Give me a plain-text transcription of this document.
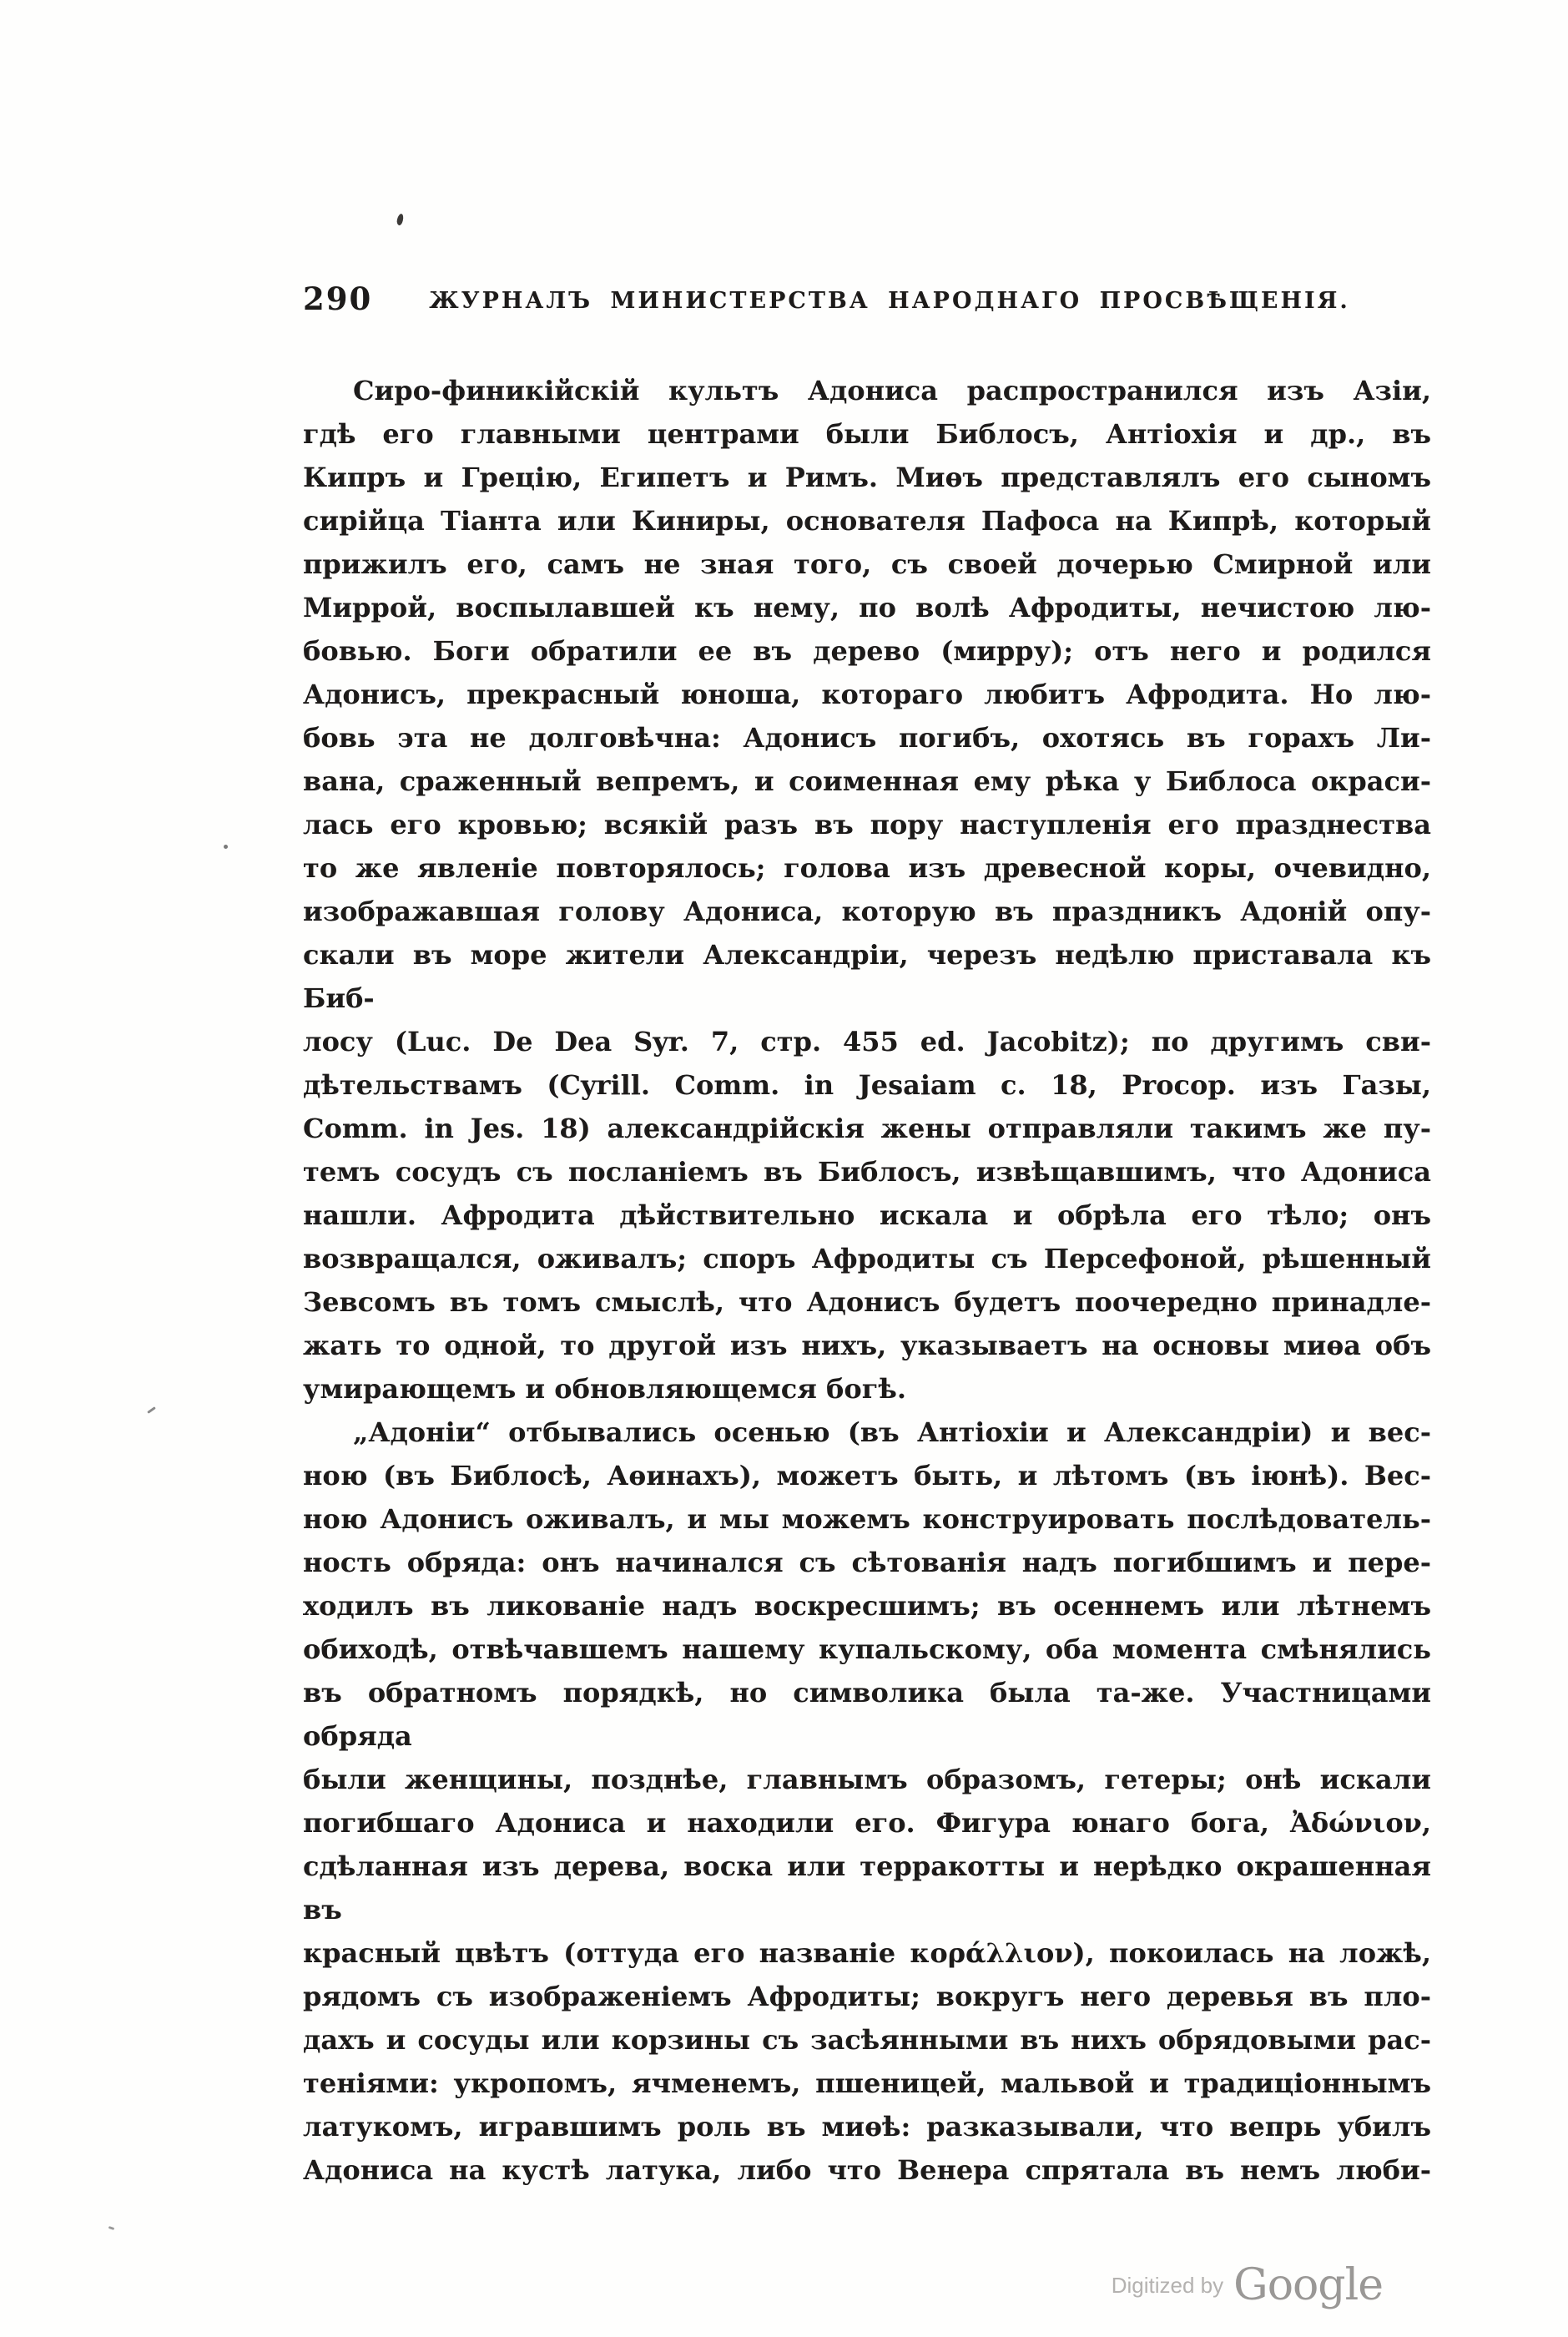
290	ЖУРНАЛЪ МИНИСТЕРСТВА НАРОДНАГО ПРОСВѢЩЕНІЯ.
Сиро-финикійскій культъ Адониса распространился изъ Азіи,
гдѣ его главными центрами были Библосъ, Антіохія и др., въ
Кипръ и Грецію, Египетъ и Римъ. Миѳъ представлялъ его сыномъ
сирійца Тіанта или Киниры, основателя Пафоса на Кипрѣ, который
прижилъ его, самъ не зная того, съ своей дочерью Смирной или
Миррой, воспылавшей къ нему, по волѣ Афродиты, нечистою лю-
бовью. Боги обратили ее въ дерево (мирру); отъ него и родился
Адонисъ, прекрасный юноша, котораго любитъ Афродита. Но лю-
бовь эта не долговѣчна: Адонисъ погибъ, охотясь въ горахъ Ли-
вана, сраженный вепремъ, и соименная ему рѣка у Библоса окраси-
лась его кровью; всякій разъ въ пору наступленія его празднества
то же явленіе повторялось; голова изъ древесной коры, очевидно,
изображавшая голову Адониса, которую въ праздникъ Адоній опу-
скали въ море жители Александріи, черезъ недѣлю приставала къ Биб-
лосу (Luc. De Dea Syr. 7, стр. 455 ed. Jacobitz); по другимъ сви-
дѣтельствамъ (Cyrill. Comm. in Jesaiam c. 18, Procop. изъ Газы,
Comm. in Jes. 18) александрійскія жены отправляли такимъ же пу-
темъ сосудъ съ посланіемъ въ Библосъ, извѣщавшимъ, что Адониса
нашли. Афродита дѣйствительно искала и обрѣла его тѣло; онъ
возвращался, оживалъ; споръ Афродиты съ Персефоной, рѣшенный
Зевсомъ въ томъ смыслѣ, что Адонисъ будетъ поочередно принадле-
жать то одной, то другой изъ нихъ, указываетъ на основы миѳа объ
умирающемъ и обновляющемся богѣ.
„Адоніи“ отбывались осенью (въ Антіохіи и Александріи) и вес-
ною (въ Библосѣ, Аѳинахъ), можетъ быть, и лѣтомъ (въ іюнѣ). Вес-
ною Адонисъ оживалъ, и мы можемъ конструировать послѣдователь-
ность обряда: онъ начинался съ сѣтованія надъ погибшимъ и пере-
ходилъ въ ликованіе надъ воскресшимъ; въ осеннемъ или лѣтнемъ
обиходѣ, отвѣчавшемъ нашему купальскому, оба момента смѣнялись
въ обратномъ порядкѣ, но символика была та-же. Участницами обряда
были женщины, позднѣе, главнымъ образомъ, гетеры; онѣ искали
погибшаго Адониса и находили его. Фигура юнаго бога, Ἀδώνιον,
сдѣланная изъ дерева, воска или терракотты и нерѣдко окрашенная въ
красный цвѣтъ (оттуда его названіе κοράλλιον), покоилась на ложѣ,
рядомъ съ изображеніемъ Афродиты; вокругъ него деревья въ пло-
дахъ и сосуды или корзины съ засѣянными въ нихъ обрядовыми рас-
теніями: укропомъ, ячменемъ, пшеницей, мальвой и традиціоннымъ
латукомъ, игравшимъ роль въ миѳѣ: разказывали, что вепрь убилъ
Адониса на кустѣ латука, либо что Венера спрятала въ немъ люби-
Digitized by Google
